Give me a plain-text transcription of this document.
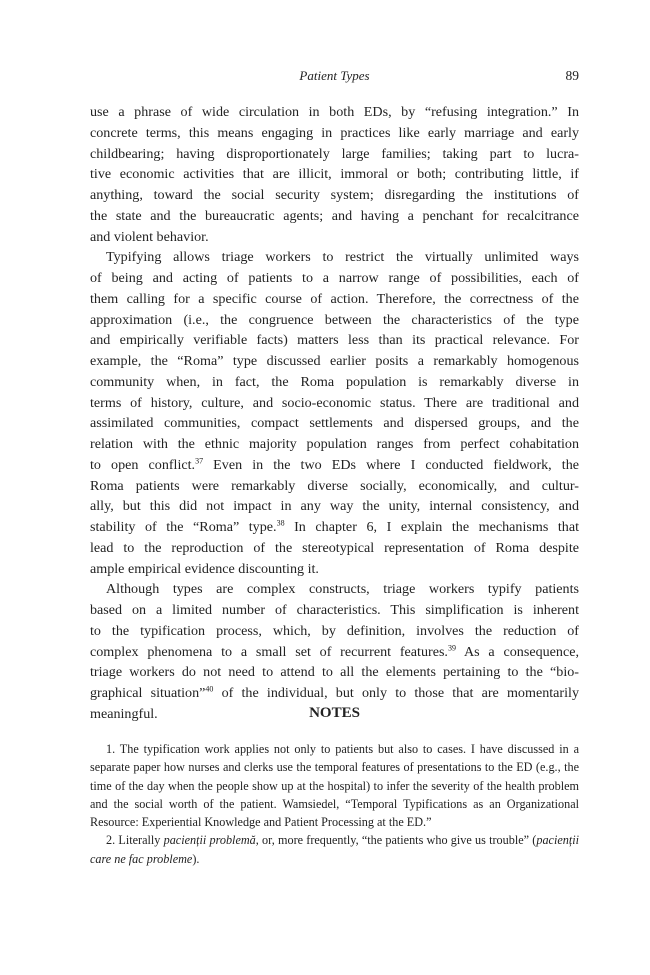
Patient Types	89

use a phrase of wide circulation in both EDs, by “refusing integration.” In
concrete terms, this means engaging in practices like early marriage and early
childbearing; having disproportionately large families; taking part to lucra-
tive economic activities that are illicit, immoral or both; contributing little, if
anything, toward the social security system; disregarding the institutions of
the state and the bureaucratic agents; and having a penchant for recalcitrance
and violent behavior.

Typifying allows triage workers to restrict the virtually unlimited ways
of being and acting of patients to a narrow range of possibilities, each of
them calling for a specific course of action. Therefore, the correctness of the
approximation (i.e., the congruence between the characteristics of the type
and empirically verifiable facts) matters less than its practical relevance. For
example, the “Roma” type discussed earlier posits a remarkably homogenous
community when, in fact, the Roma population is remarkably diverse in
terms of history, culture, and socio-economic status. There are traditional and
assimilated communities, compact settlements and dispersed groups, and the
relation with the ethnic majority population ranges from perfect cohabitation
to open conflict.$^{37}$ Even in the two EDs where I conducted fieldwork, the
Roma patients were remarkably diverse socially, economically, and cultur-
ally, but this did not impact in any way the unity, internal consistency, and
stability of the “Roma” type.$^{38}$ In chapter 6, I explain the mechanisms that
lead to the reproduction of the stereotypical representation of Roma despite
ample empirical evidence discounting it.

Although types are complex constructs, triage workers typify patients
based on a limited number of characteristics. This simplification is inherent
to the typification process, which, by definition, involves the reduction of
complex phenomena to a small set of recurrent features.$^{39}$ As a consequence,
triage workers do not need to attend to all the elements pertaining to the “bio-
graphical situation”$^{40}$ of the individual, but only to those that are momentarily
meaningful.	NOTES

1. The typification work applies not only to patients but also to cases. I have discussed in a separate paper how nurses and clerks use the temporal features of presentations to the ED (e.g., the time of the day when the people show up at the hospital) to infer the severity of the health problem and the social worth of the patient. Wamsiedel, “Temporal Typifications as an Organizational Resource: Experiential Knowledge and Patient Processing at the ED.”

2. Literally pacienții problemă, or, more frequently, “the patients who give us trouble” (pacienții care ne fac probleme).
